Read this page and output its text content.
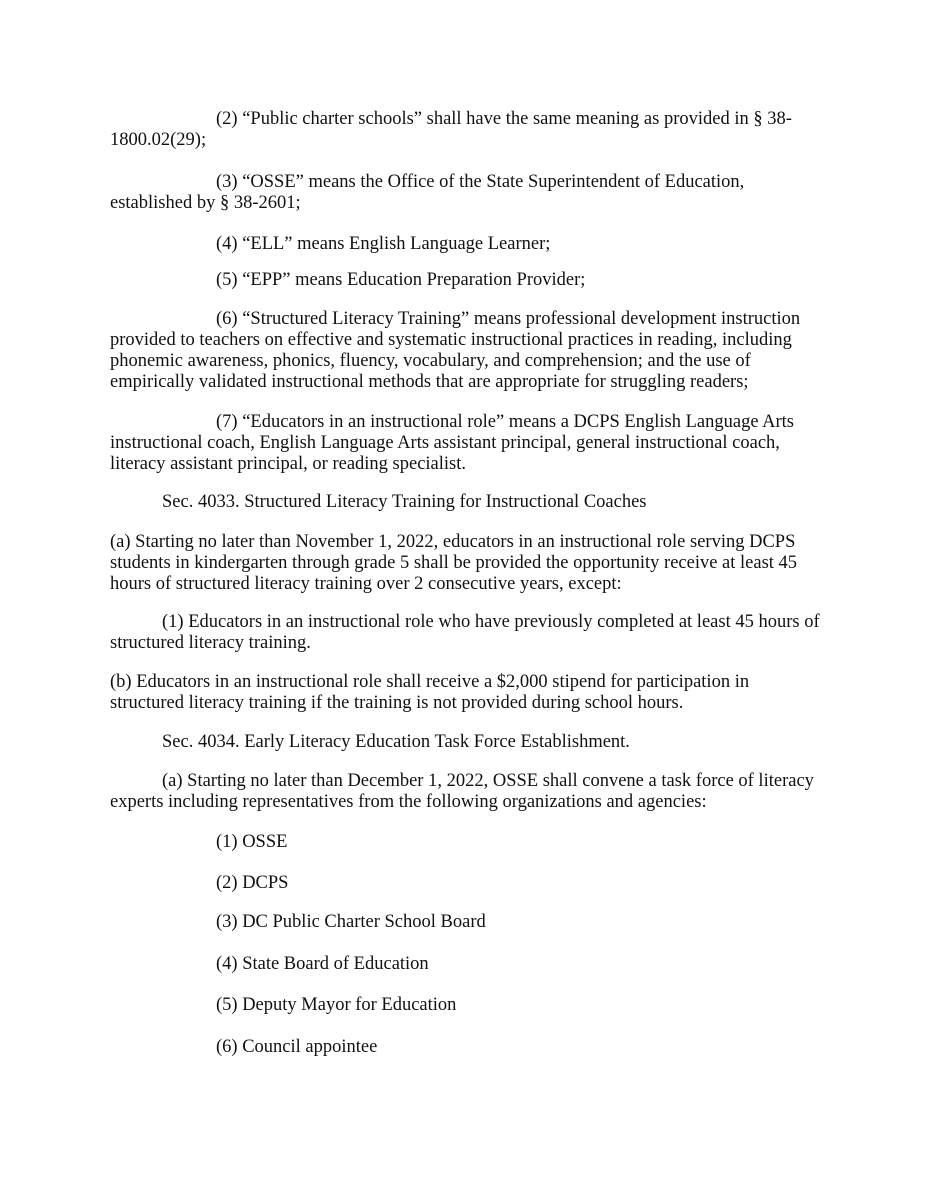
(2) “Public charter schools” shall have the same meaning as provided in § 38-1800.02(29);

(3) “OSSE” means the Office of the State Superintendent of Education, established by § 38-2601;

(4) “ELL” means English Language Learner;

(5) “EPP” means Education Preparation Provider;

(6) “Structured Literacy Training” means professional development instruction provided to teachers on effective and systematic instructional practices in reading, including phonemic awareness, phonics, fluency, vocabulary, and comprehension; and the use of empirically validated instructional methods that are appropriate for struggling readers;

(7) “Educators in an instructional role” means a DCPS English Language Arts instructional coach, English Language Arts assistant principal, general instructional coach, literacy assistant principal, or reading specialist.

Sec. 4033. Structured Literacy Training for Instructional Coaches

(a) Starting no later than November 1, 2022, educators in an instructional role serving DCPS students in kindergarten through grade 5 shall be provided the opportunity receive at least 45 hours of structured literacy training over 2 consecutive years, except:

(1) Educators in an instructional role who have previously completed at least 45 hours of structured literacy training.

(b) Educators in an instructional role shall receive a $2,000 stipend for participation in structured literacy training if the training is not provided during school hours.

Sec. 4034. Early Literacy Education Task Force Establishment.

(a) Starting no later than December 1, 2022, OSSE shall convene a task force of literacy experts including representatives from the following organizations and agencies:

(1) OSSE

(2) DCPS

(3) DC Public Charter School Board

(4) State Board of Education

(5) Deputy Mayor for Education

(6) Council appointee
